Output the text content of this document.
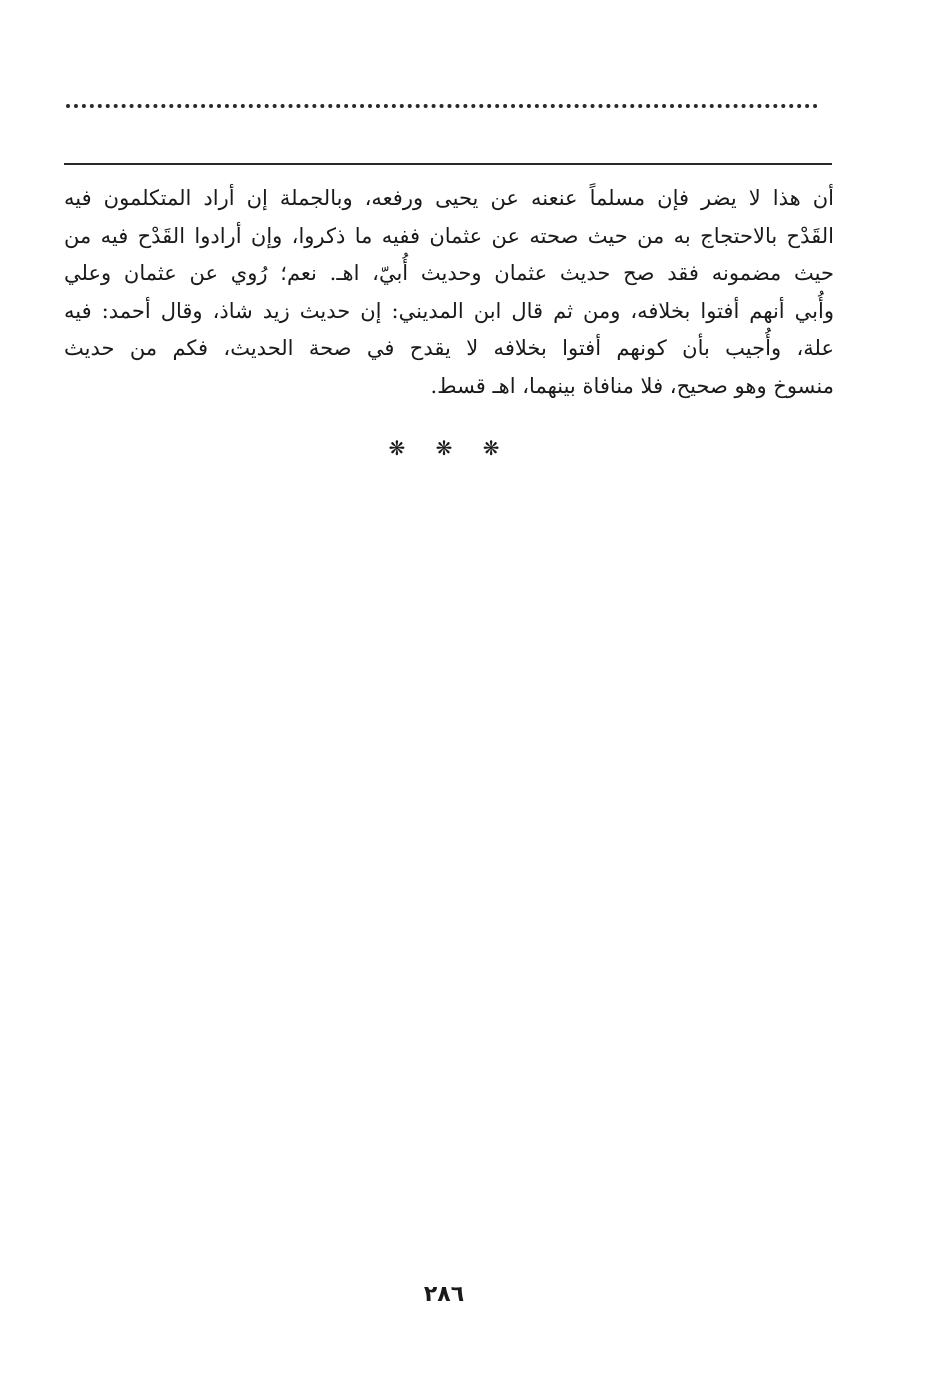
أن هذا لا يضر فإن مسلماً عنعنه عن يحيى ورفعه، وبالجملة إن أراد المتكلمون فيه
القَدْح بالاحتجاج به من حيث صحته عن عثمان ففيه ما ذكروا، وإن أرادوا القَدْح فيه من
حيث مضمونه فقد صح حديث عثمان وحديث أُبيّ، اهـ. نعم؛ رُوي عن عثمان وعلي
وأُبي أنهم أفتوا بخلافه، ومن ثم قال ابن المديني: إن حديث زيد شاذ، وقال أحمد: فيه
علة، وأُجيب بأن كونهم أفتوا بخلافه لا يقدح في صحة الحديث، فكم من حديث
منسوخ وهو صحيح، فلا منافاة بينهما، اهـ قسط.
❋ ❋ ❋
٢٨٦
